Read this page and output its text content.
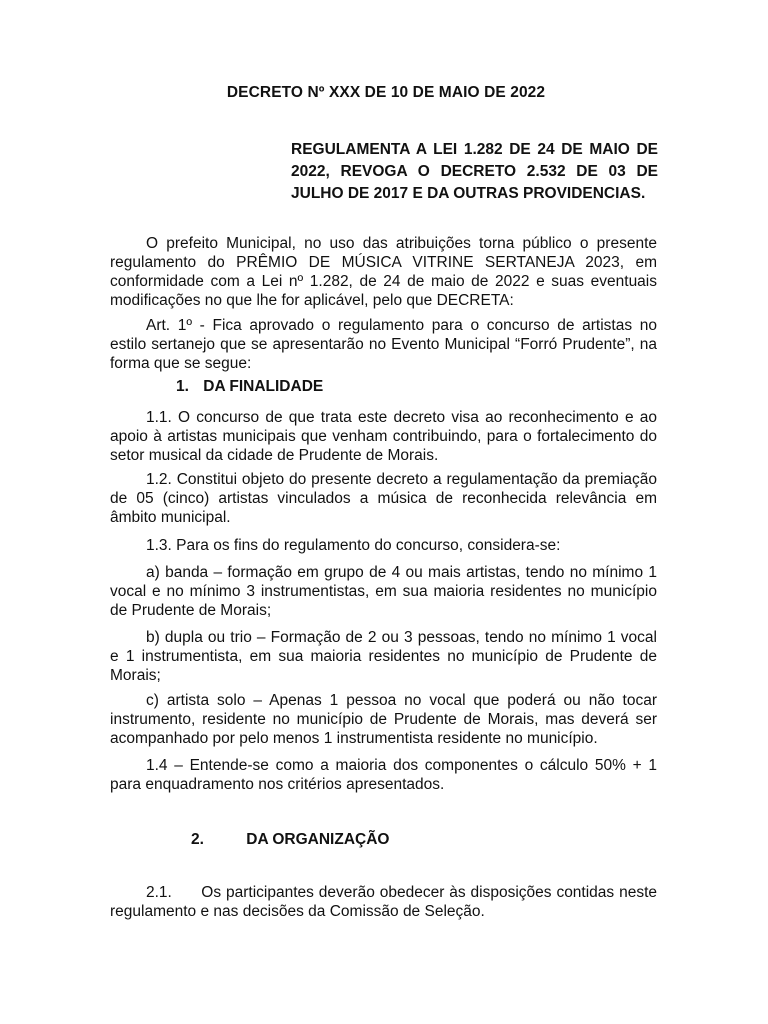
DECRETO Nº XXX DE 10 DE MAIO DE 2022
REGULAMENTA A LEI 1.282 DE 24 DE MAIO DE 2022, REVOGA O DECRETO 2.532 DE 03 DE JULHO DE 2017 E DA OUTRAS PROVIDENCIAS.

O prefeito Municipal, no uso das atribuições torna público o presente regulamento do PRÊMIO DE MÚSICA VITRINE SERTANEJA 2023, em conformidade com a Lei nº 1.282, de 24 de maio de 2022 e suas eventuais modificações no que lhe for aplicável, pelo que DECRETA:

Art. 1º - Fica aprovado o regulamento para o concurso de artistas no estilo sertanejo que se apresentarão no Evento Municipal “Forró Prudente”, na forma que se segue:

1. DA FINALIDADE

1.1. O concurso de que trata este decreto visa ao reconhecimento e ao apoio à artistas municipais que venham contribuindo, para o fortalecimento do setor musical da cidade de Prudente de Morais.

1.2. Constitui objeto do presente decreto a regulamentação da premiação de 05 (cinco) artistas vinculados a música de reconhecida relevância em âmbito municipal.

1.3. Para os fins do regulamento do concurso, considera-se:

a) banda – formação em grupo de 4 ou mais artistas, tendo no mínimo 1 vocal e no mínimo 3 instrumentistas, em sua maioria residentes no município de Prudente de Morais;

b) dupla ou trio – Formação de 2 ou 3 pessoas, tendo no mínimo 1 vocal e 1 instrumentista, em sua maioria residentes no município de Prudente de Morais;

c) artista solo – Apenas 1 pessoa no vocal que poderá ou não tocar instrumento, residente no município de Prudente de Morais, mas deverá ser acompanhado por pelo menos 1 instrumentista residente no município.

1.4 – Entende-se como a maioria dos componentes o cálculo 50% + 1 para enquadramento nos critérios apresentados.

2.	DA ORGANIZAÇÃO

2.1.      Os participantes deverão obedecer às disposições contidas neste regulamento e nas decisões da Comissão de Seleção.
